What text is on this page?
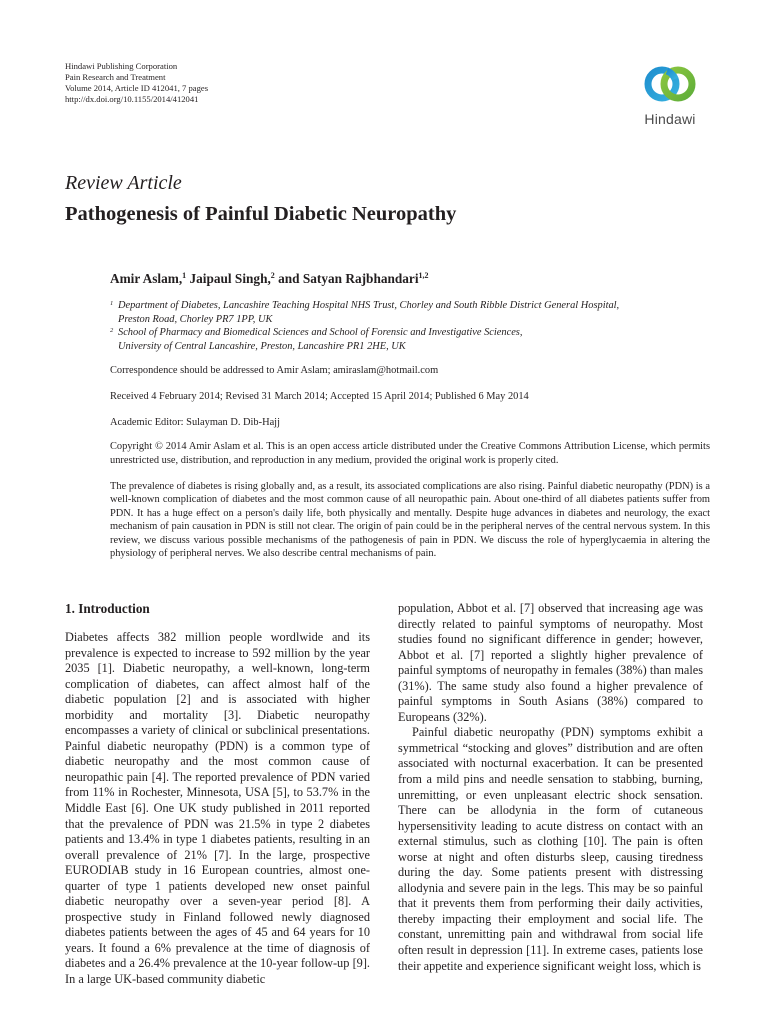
Hindawi Publishing Corporation
Pain Research and Treatment
Volume 2014, Article ID 412041, 7 pages
http://dx.doi.org/10.1155/2014/412041
Hindawi
Review Article
Pathogenesis of Painful Diabetic Neuropathy
Amir Aslam,$^1$ Jaipaul Singh,$^2$ and Satyan Rajbhandari$^{1,2}$
1 Department of Diabetes, Lancashire Teaching Hospital NHS Trust, Chorley and South Ribble District General Hospital,
Preston Road, Chorley PR7 1PP, UK
2 School of Pharmacy and Biomedical Sciences and School of Forensic and Investigative Sciences,
University of Central Lancashire, Preston, Lancashire PR1 2HE, UK
Correspondence should be addressed to Amir Aslam; amiraslam@hotmail.com
Received 4 February 2014; Revised 31 March 2014; Accepted 15 April 2014; Published 6 May 2014
Academic Editor: Sulayman D. Dib-Hajj
Copyright © 2014 Amir Aslam et al. This is an open access article distributed under the Creative Commons Attribution License, which permits unrestricted use, distribution, and reproduction in any medium, provided the original work is properly cited.
The prevalence of diabetes is rising globally and, as a result, its associated complications are also rising. Painful diabetic neuropathy (PDN) is a well-known complication of diabetes and the most common cause of all neuropathic pain. About one-third of all diabetes patients suffer from PDN. It has a huge effect on a person's daily life, both physically and mentally. Despite huge advances in diabetes and neurology, the exact mechanism of pain causation in PDN is still not clear. The origin of pain could be in the peripheral nerves of the central nervous system. In this review, we discuss various possible mechanisms of the pathogenesis of pain in PDN. We discuss the role of hyperglycaemia in altering the physiology of peripheral nerves. We also describe central mechanisms of pain.
1. Introduction

Diabetes affects 382 million people wordlwide and its prevalence is expected to increase to 592 million by the year 2035 [1]. Diabetic neuropathy, a well-known, long-term complication of diabetes, can affect almost half of the diabetic population [2] and is associated with higher morbidity and mortality [3]. Diabetic neuropathy encompasses a variety of clinical or subclinical presentations. Painful diabetic neuropathy (PDN) is a common type of diabetic neuropathy and the most common cause of neuropathic pain [4]. The reported prevalence of PDN varied from 11% in Rochester, Minnesota, USA [5], to 53.7% in the Middle East [6]. One UK study published in 2011 reported that the prevalence of PDN was 21.5% in type 2 diabetes patients and 13.4% in type 1 diabetes patients, resulting in an overall prevalence of 21% [7]. In the large, prospective EURODIAB study in 16 European countries, almost one-quarter of type 1 patients developed new onset painful diabetic neuropathy over a seven-year period [8]. A prospective study in Finland followed newly diagnosed diabetes patients between the ages of 45 and 64 years for 10 years. It found a 6% prevalence at the time of diagnosis of diabetes and a 26.4% prevalence at the 10-year follow-up [9]. In a large UK-based community diabetic

population, Abbot et al. [7] observed that increasing age was directly related to painful symptoms of neuropathy. Most studies found no significant difference in gender; however, Abbot et al. [7] reported a slightly higher prevalence of painful symptoms of neuropathy in females (38%) than males (31%). The same study also found a higher prevalence of painful symptoms in South Asians (38%) compared to Europeans (32%).

Painful diabetic neuropathy (PDN) symptoms exhibit a symmetrical “stocking and gloves” distribution and are often associated with nocturnal exacerbation. It can be presented from a mild pins and needle sensation to stabbing, burning, unremitting, or even unpleasant electric shock sensation. There can be allodynia in the form of cutaneous hypersensitivity leading to acute distress on contact with an external stimulus, such as clothing [10]. The pain is often worse at night and often disturbs sleep, causing tiredness during the day. Some patients present with distressing allodynia and severe pain in the legs. This may be so painful that it prevents them from performing their daily activities, thereby impacting their employment and social life. The constant, unremitting pain and withdrawal from social life often result in depression [11]. In extreme cases, patients lose their appetite and experience significant weight loss, which is
